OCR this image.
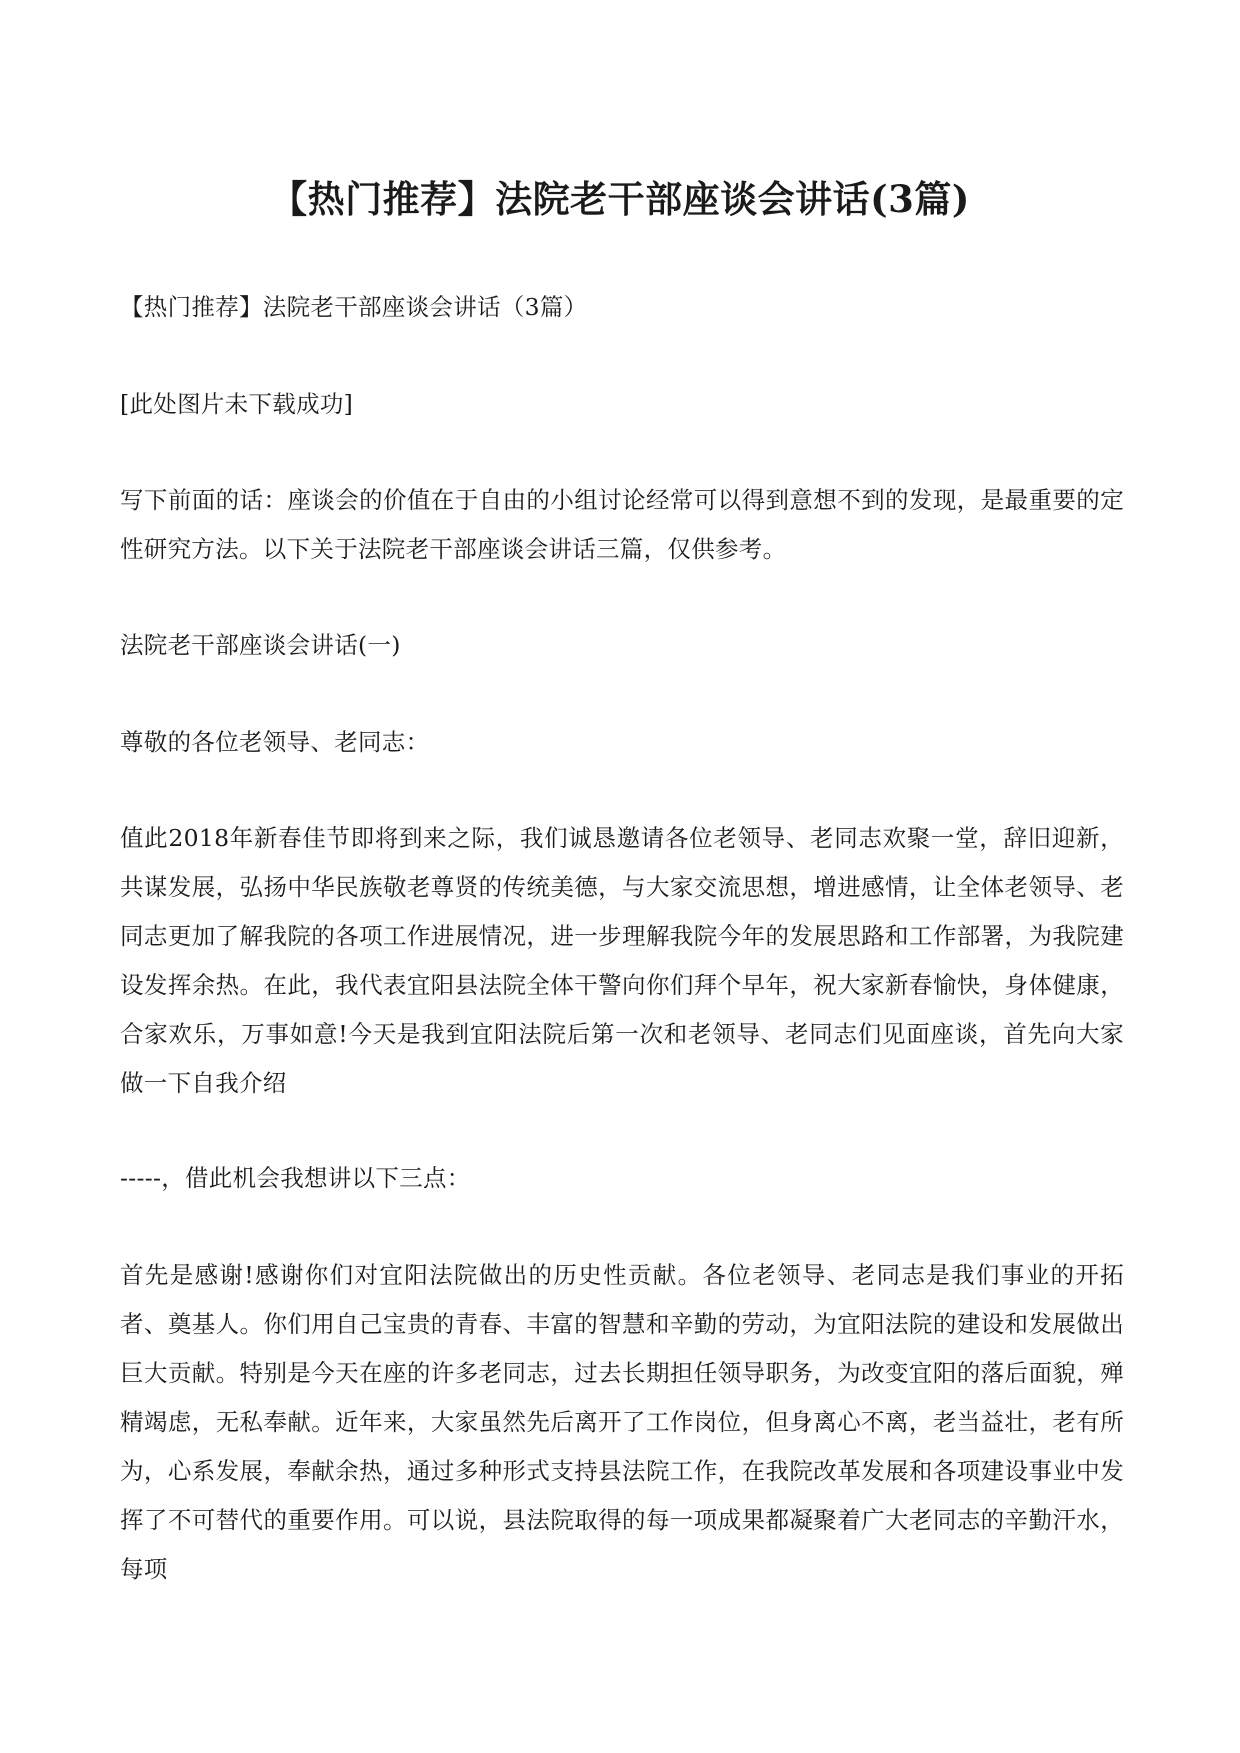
【热门推荐】法院老干部座谈会讲话(3篇)

【热门推荐】法院老干部座谈会讲话（3篇）

[此处图片未下载成功]

写下前面的话：座谈会的价值在于自由的小组讨论经常可以得到意想不到的发现，是最重要的定性研究方法。以下关于法院老干部座谈会讲话三篇，仅供参考。

法院老干部座谈会讲话(一)

尊敬的各位老领导、老同志：

值此2018年新春佳节即将到来之际，我们诚恳邀请各位老领导、老同志欢聚一堂，辞旧迎新，共谋发展，弘扬中华民族敬老尊贤的传统美德，与大家交流思想，增进感情，让全体老领导、老同志更加了解我院的各项工作进展情况，进一步理解我院今年的发展思路和工作部署，为我院建设发挥余热。在此，我代表宜阳县法院全体干警向你们拜个早年，祝大家新春愉快，身体健康，合家欢乐，万事如意!今天是我到宜阳法院后第一次和老领导、老同志们见面座谈，首先向大家做一下自我介绍

-----，借此机会我想讲以下三点：

首先是感谢!感谢你们对宜阳法院做出的历史性贡献。各位老领导、老同志是我们事业的开拓者、奠基人。你们用自己宝贵的青春、丰富的智慧和辛勤的劳动，为宜阳法院的建设和发展做出巨大贡献。特别是今天在座的许多老同志，过去长期担任领导职务，为改变宜阳的落后面貌，殚精竭虑，无私奉献。近年来，大家虽然先后离开了工作岗位，但身离心不离，老当益壮，老有所为，心系发展，奉献余热，通过多种形式支持县法院工作，在我院改革发展和各项建设事业中发挥了不可替代的重要作用。可以说，县法院取得的每一项成果都凝聚着广大老同志的辛勤汗水，每项
